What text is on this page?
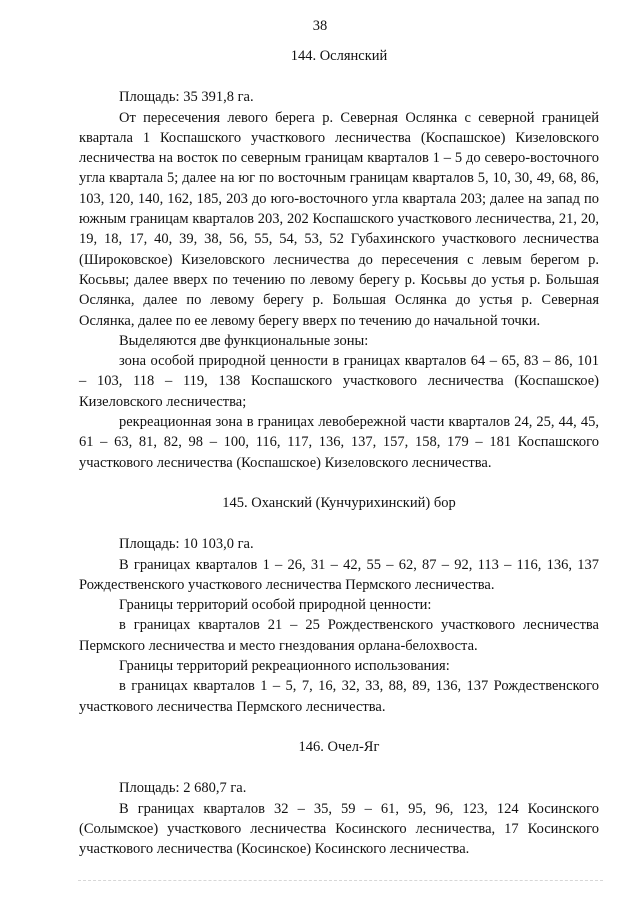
38

144. Ослянский

Площадь: 35 391,8 га.

От пересечения левого берега р. Северная Ослянка с северной границей квартала 1 Коспашского участкового лесничества (Коспашское) Кизеловского лесничества на восток по северным границам кварталов 1 – 5 до северо-восточного угла квартала 5; далее на юг по восточным границам кварталов 5, 10, 30, 49, 68, 86, 103, 120, 140, 162, 185, 203 до юго-восточного угла квартала 203; далее на запад по южным границам кварталов 203, 202 Коспашского участкового лесничества, 21, 20, 19, 18, 17, 40, 39, 38, 56, 55, 54, 53, 52 Губахинского участкового лесничества (Широковское) Кизеловского лесничества до пересечения с левым берегом р. Косьвы; далее вверх по течению по левому берегу р. Косьвы до устья р. Большая Ослянка, далее по левому берегу р. Большая Ослянка до устья р. Северная Ослянка, далее по ее левому берегу вверх по течению до начальной точки.

Выделяются две функциональные зоны:

зона особой природной ценности в границах кварталов 64 – 65, 83 – 86, 101 – 103, 118 – 119, 138 Коспашского участкового лесничества (Коспашское) Кизеловского лесничества;

рекреационная зона в границах левобережной части кварталов 24, 25, 44, 45, 61 – 63, 81, 82, 98 – 100, 116, 117, 136, 137, 157, 158, 179 – 181 Коспашского участкового лесничества (Коспашское) Кизеловского лесничества.

145. Оханский (Кунчурихинский) бор

Площадь: 10 103,0 га.

В границах кварталов 1 – 26, 31 – 42, 55 – 62, 87 – 92, 113 – 116, 136, 137 Рождественского участкового лесничества Пермского лесничества.

Границы территорий особой природной ценности:

в границах кварталов 21 – 25 Рождественского участкового лесничества Пермского лесничества и место гнездования орлана-белохвоста.

Границы территорий рекреационного использования:

в границах кварталов 1 – 5, 7, 16, 32, 33, 88, 89, 136, 137 Рождественского участкового лесничества Пермского лесничества.

146. Очел-Яг

Площадь: 2 680,7 га.

В границах кварталов 32 – 35, 59 – 61, 95, 96, 123, 124 Косинского (Солымское) участкового лесничества Косинского лесничества, 17 Косинского участкового лесничества (Косинское) Косинского лесничества.
